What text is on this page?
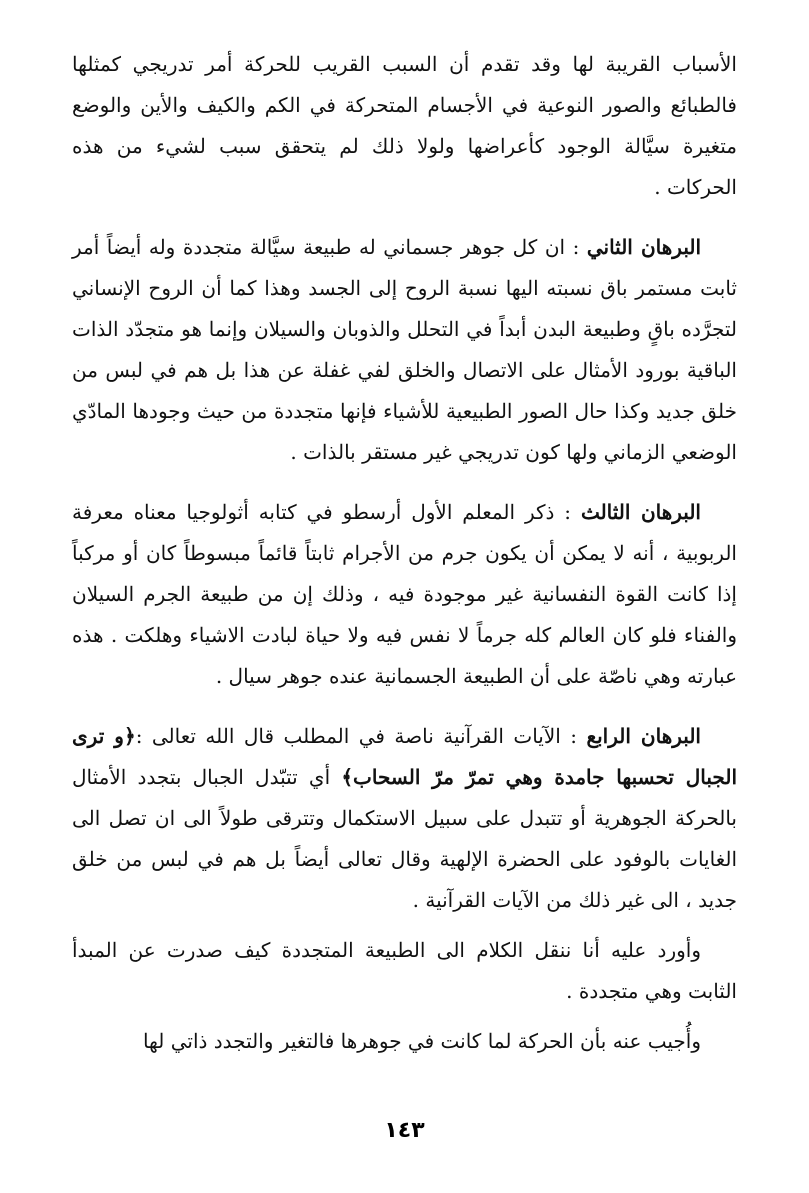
الأسباب القريبة لها وقد تقدم أن السبب القريب للحركة أمر تدريجي كمثلها فالطبائع والصور النوعية في الأجسام المتحركة في الكم والكيف والأين والوضع متغيرة سيَّالة الوجود كأعراضها ولولا ذلك لم يتحقق سبب لشيء من هذه الحركات .

البرهان الثاني : ان كل جوهر جسماني له طبيعة سيَّالة متجددة وله أيضاً أمر ثابت مستمر باق نسبته اليها نسبة الروح إلى الجسد وهذا كما أن الروح الإنساني لتجرَّده باقٍ وطبيعة البدن أبداً في التحلل والذوبان والسيلان وإنما هو متجدّد الذات الباقية بورود الأمثال على الاتصال والخلق لفي غفلة عن هذا بل هم في لبس من خلق جديد وكذا حال الصور الطبيعية للأشياء فإنها متجددة من حيث وجودها المادّي الوضعي الزماني ولها كون تدريجي غير مستقر بالذات .

البرهان الثالث : ذكر المعلم الأول أرسطو في كتابه أثولوجيا معناه معرفة الربوبية ، أنه لا يمكن أن يكون جرم من الأجرام ثابتاً قائماً مبسوطاً كان أو مركباً إذا كانت القوة النفسانية غير موجودة فيه ، وذلك إن من طبيعة الجرم السيلان والفناء فلو كان العالم كله جرماً لا نفس فيه ولا حياة لبادت الاشياء وهلكت . هذه عبارته وهي ناصّة على أن الطبيعة الجسمانية عنده جوهر سيال .

البرهان الرابع : الآيات القرآنية ناصة في المطلب قال الله تعالى :﴿و ترى الجبال تحسبها جامدة وهي تمرّ مرّ السحاب﴾ أي تتبّدل الجبال بتجدد الأمثال بالحركة الجوهرية أو تتبدل على سبيل الاستكمال وتترقى طولاً الى ان تصل الى الغايات بالوفود على الحضرة الإلهية وقال تعالى أيضاً بل هم في لبس من خلق جديد ، الى غير ذلك من الآيات القرآنية .

وأورد عليه أنا ننقل الكلام الى الطبيعة المتجددة كيف صدرت عن المبدأ الثابت وهي متجددة .

وأُجيب عنه بأن الحركة لما كانت في جوهرها فالتغير والتجدد ذاتي لها

١٤٣
